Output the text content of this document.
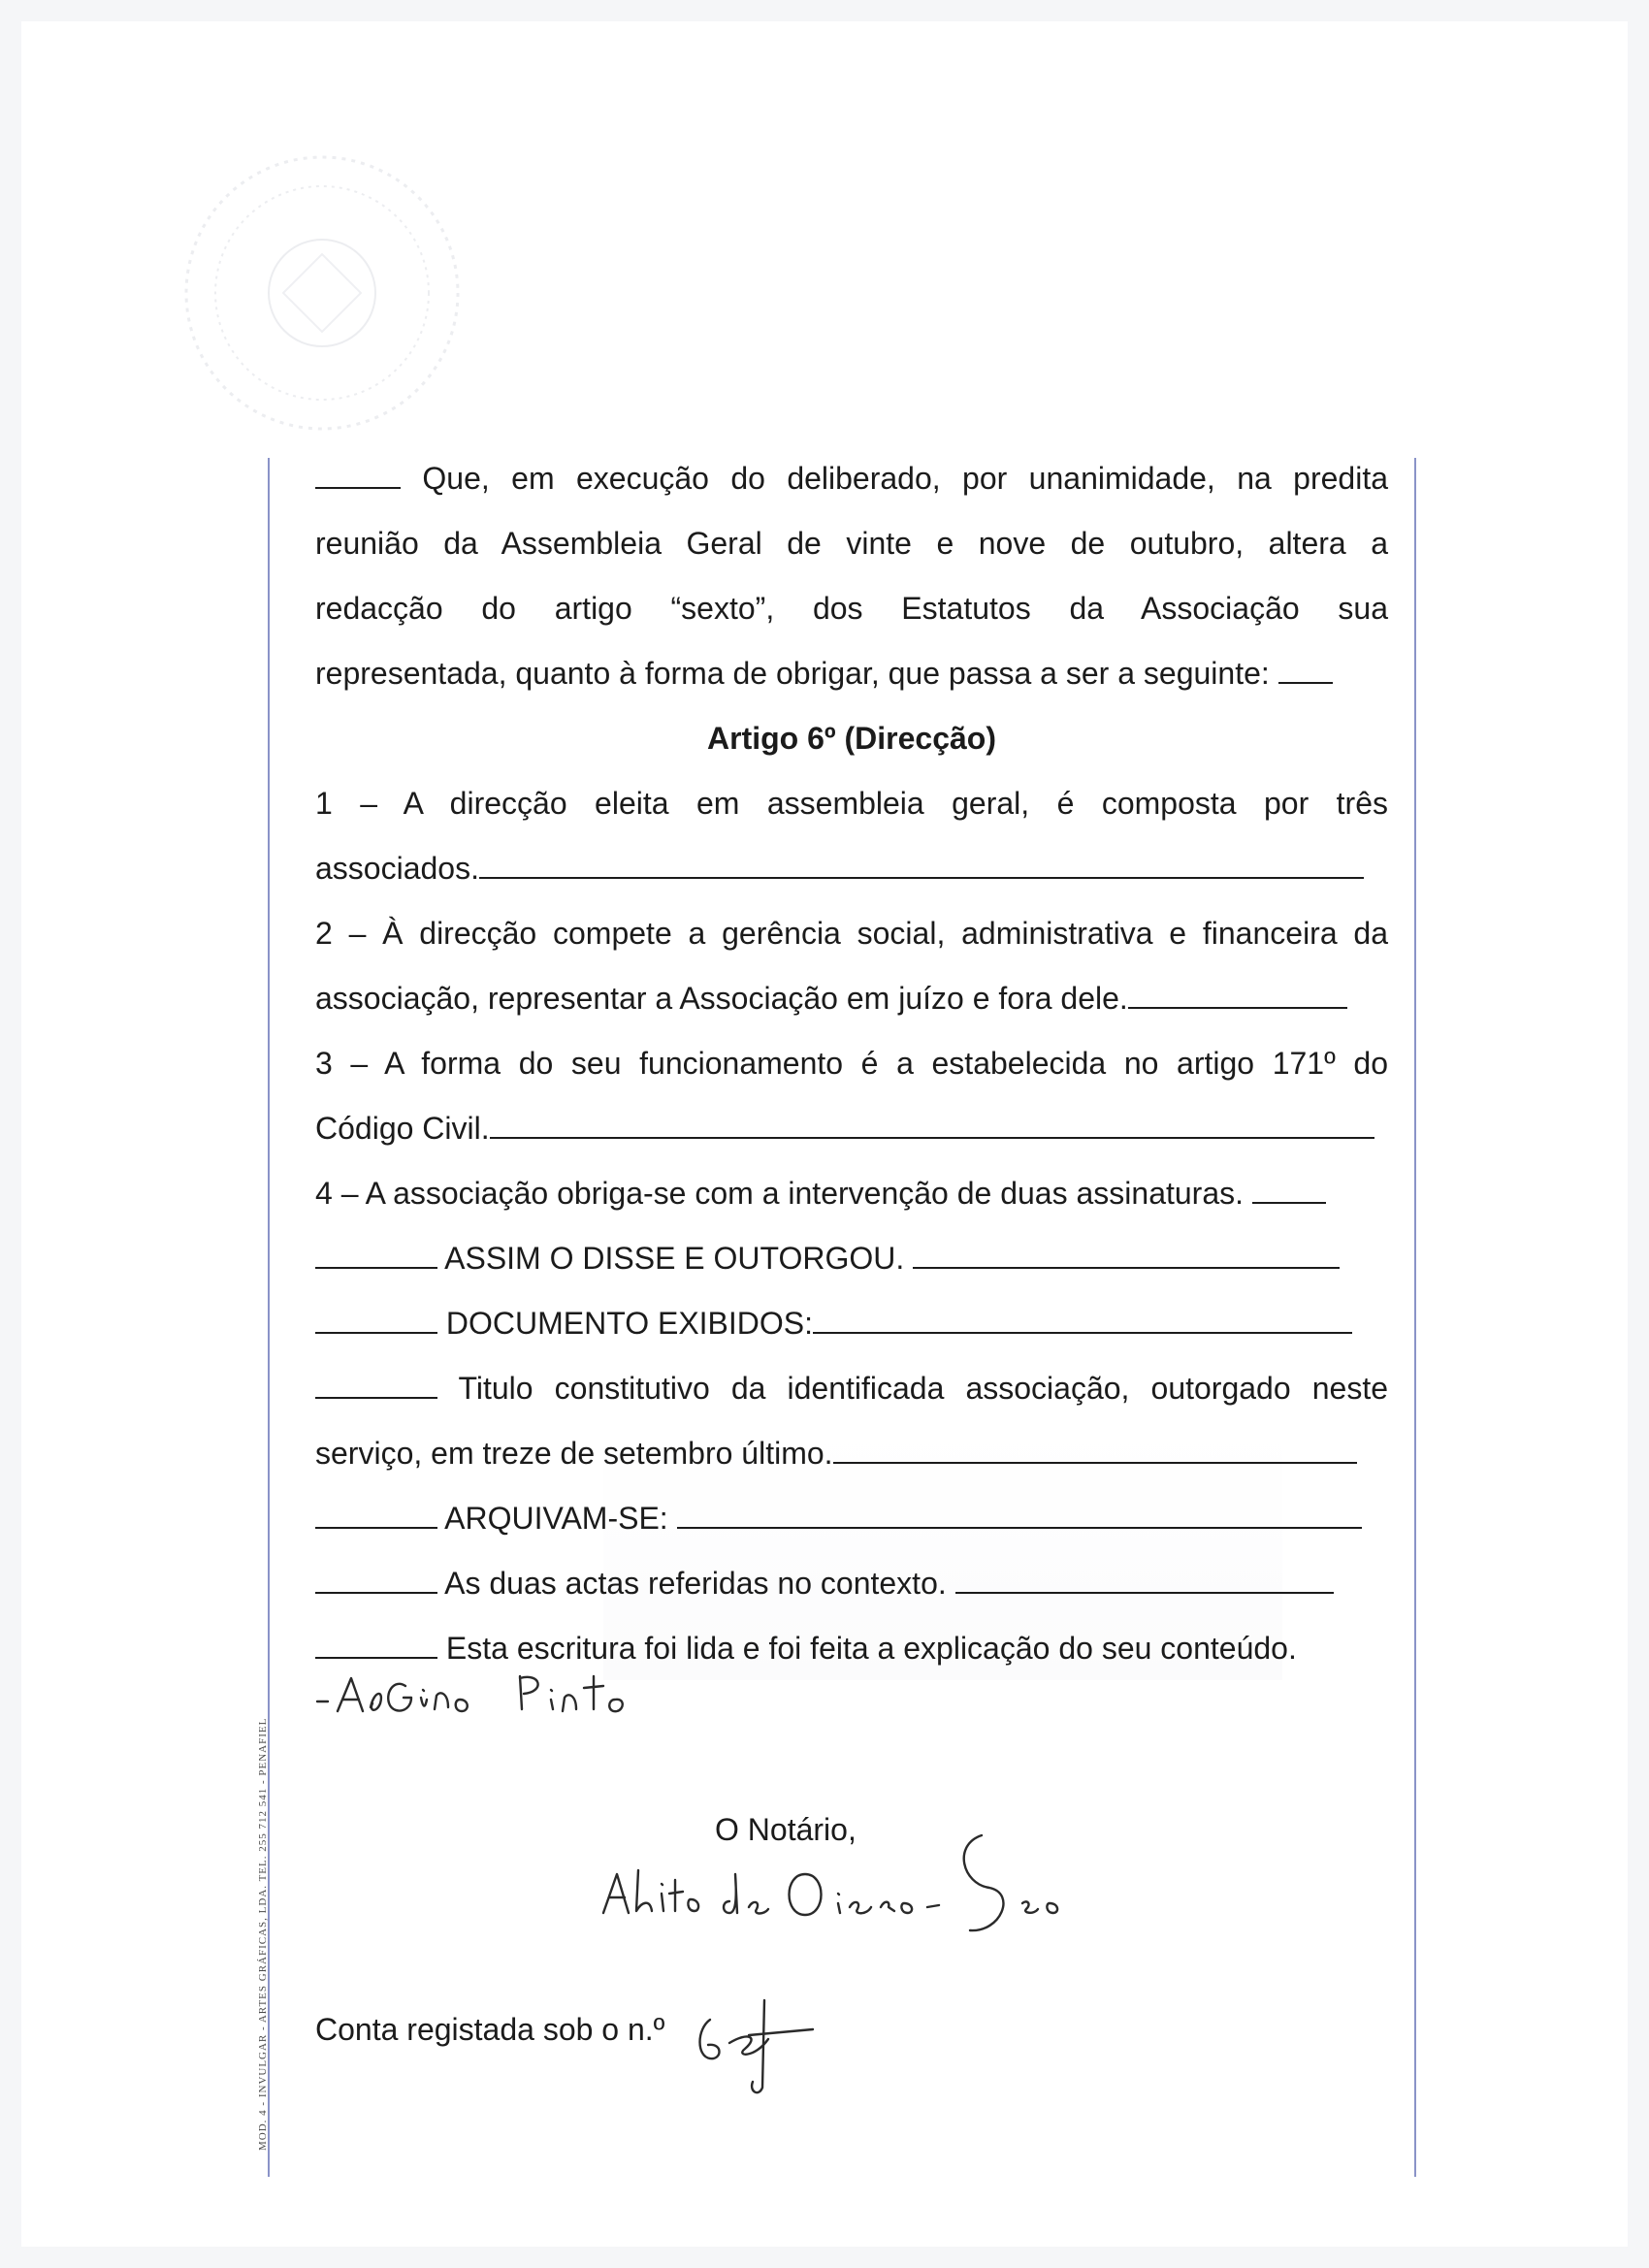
MOD. 4 - INVULGAR - ARTES GRÁFICAS, LDA. TEL. 255 712 541 - PENAFIEL

Que, em execução do deliberado, por unanimidade, na predita

reunião da Assembleia Geral de vinte e nove de outubro, altera a

redacção do artigo “sexto”, dos Estatutos da Associação sua

representada, quanto à forma de obrigar, que passa a ser a seguinte:

Artigo 6º (Direcção)

1 – A direcção eleita em assembleia geral, é composta por três

associados.

2 – À direcção compete a gerência social, administrativa e financeira da

associação, representar a Associação em juízo e fora dele.

3 – A forma do seu funcionamento é a estabelecida no artigo 171º do

Código Civil.

4 – A associação obriga-se com a intervenção de duas assinaturas.

ASSIM O DISSE E OUTORGOU.

DOCUMENTO EXIBIDOS:

Titulo constitutivo da identificada associação, outorgado neste

serviço, em treze de setembro último.

ARQUIVAM-SE:

As duas actas referidas no contexto.

Esta escritura foi lida e foi feita a explicação do seu conteúdo.

O Notário,
Conta registada sob o n.º
